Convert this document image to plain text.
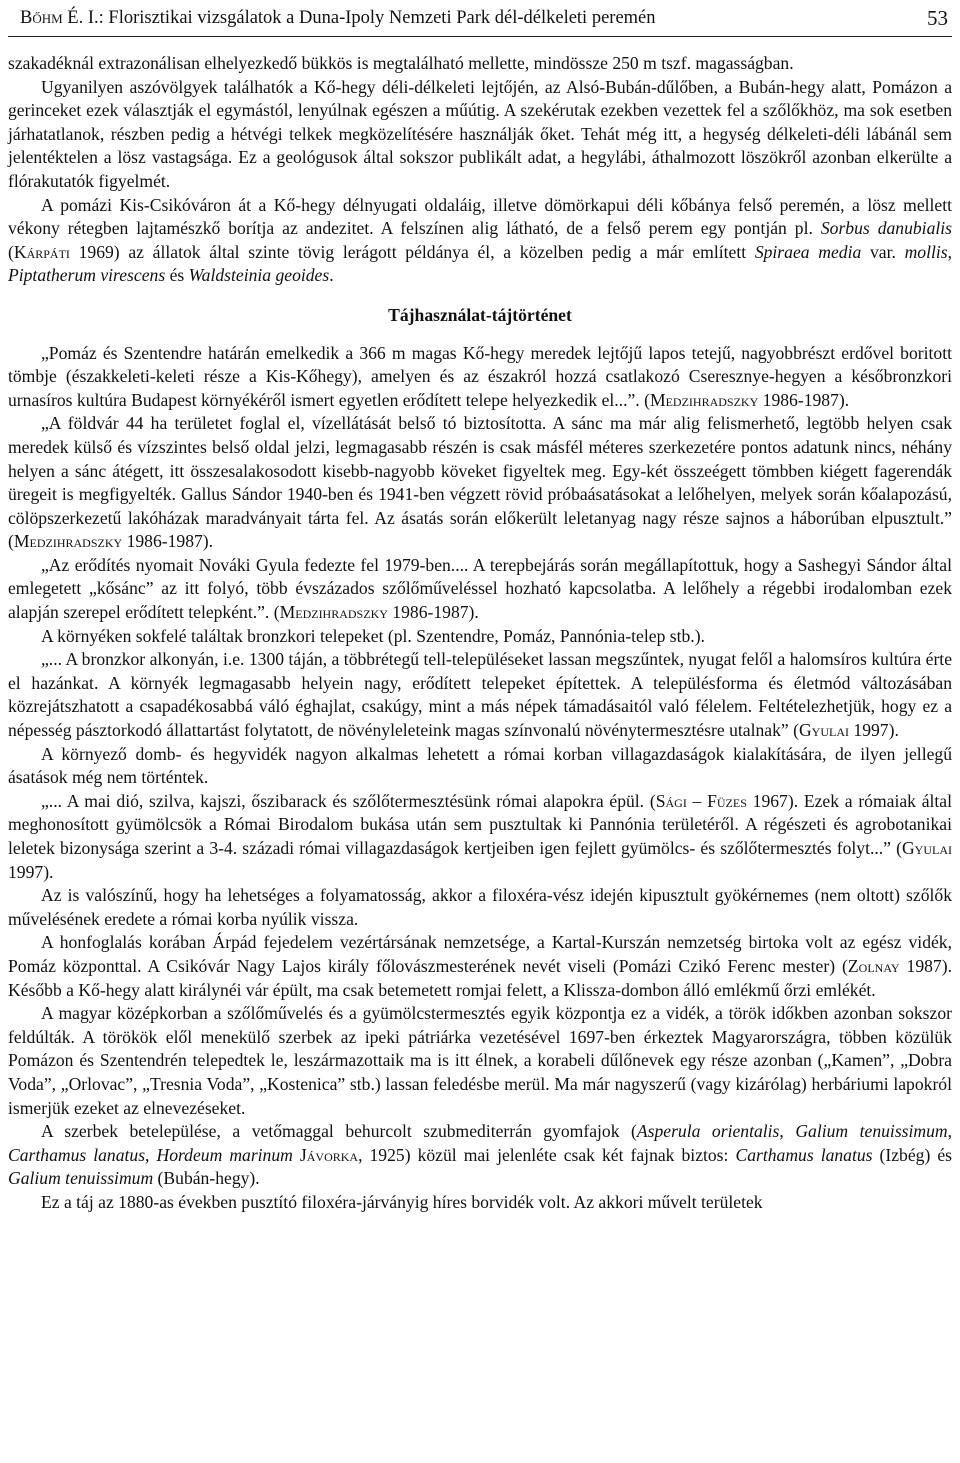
Bőhm É. I.: Florisztikai vizsgálatok a Duna-Ipoly Nemzeti Park dél-délkeleti peremén	53

szakadéknál extrazonálisan elhelyezkedő bükkös is megtalálható mellette, mindössze 250 m tszf. magasságban.

Ugyanilyen aszóvölgyek találhatók a Kő-hegy déli-délkeleti lejtőjén, az Alsó-Bubán-dűlőben, a Bubán-hegy alatt, Pomázon a gerinceket ezek választják el egymástól, lenyúlnak egészen a műútig. A szekérutak ezekben vezettek fel a szőlőkhöz, ma sok esetben járhatatlanok, részben pedig a hétvégi telkek megközelítésére használják őket. Tehát még itt, a hegység délkeleti-déli lábánál sem jelentéktelen a lösz vastagsága. Ez a geológusok által sokszor publikált adat, a hegylábi, áthalmozott löszökről azonban elkerülte a flórakutatók figyelmét.

A pomázi Kis-Csikóváron át a Kő-hegy délnyugati oldaláig, illetve dömörkapui déli kőbánya felső peremén, a lösz mellett vékony rétegben lajtamészkő borítja az andezitet. A felszínen alig látható, de a felső perem egy pontján pl. Sorbus danubialis (Kárpáti 1969) az állatok által szinte tövig lerágott példánya él, a közelben pedig a már említett Spiraea media var. mollis, Piptatherum virescens és Waldsteinia geoides.

Tájhasználat-tájtörténet

„Pomáz és Szentendre határán emelkedik a 366 m magas Kő-hegy meredek lejtőjű lapos tetejű, nagyobbrészt erdővel boritott tömbje (északkeleti-keleti része a Kis-Kőhegy), amelyen és az északról hozzá csatlakozó Cseresznye-hegyen a későbronzkori urnasíros kultúra Budapest környékéről ismert egyetlen erődített telepe helyezkedik el...”. (Medzihradszky 1986-1987).

„A földvár 44 ha területet foglal el, vízellátását belső tó biztosította. A sánc ma már alig felismerhető, legtöbb helyen csak meredek külső és vízszintes belső oldal jelzi, legmagasabb részén is csak másfél méteres szerkezetére pontos adatunk nincs, néhány helyen a sánc átégett, itt összesalakosodott kisebb-nagyobb köveket figyeltek meg. Egy-két összeégett tömbben kiégett fagerendák üregeit is megfigyelték. Gallus Sándor 1940-ben és 1941-ben végzett rövid próbaásatásokat a lelőhelyen, melyek során kőalapozású, cölöpszerkezetű lakóházak maradványait tárta fel. Az ásatás során előkerült leletanyag nagy része sajnos a háborúban elpusztult.” (Medzihradszky 1986-1987).

„Az erődítés nyomait Nováki Gyula fedezte fel 1979-ben.... A terepbejárás során megállapítottuk, hogy a Sashegyi Sándor által emlegetett „kősánc” az itt folyó, több évszázados szőlőműveléssel hozható kapcsolatba. A lelőhely a régebbi irodalomban ezek alapján szerepel erődített telepként.”. (Medzihradszky 1986-1987).

A környéken sokfelé találtak bronzkori telepeket (pl. Szentendre, Pomáz, Pannónia-telep stb.).

„... A bronzkor alkonyán, i.e. 1300 táján, a többrétegű tell-településeket lassan megszűntek, nyugat felől a halomsíros kultúra érte el hazánkat. A környék legmagasabb helyein nagy, erődített telepeket építettek. A településforma és életmód változásában közrejátszhatott a csapadékosabbá váló éghajlat, csakúgy, mint a más népek támadásaitól való félelem. Feltételezhetjük, hogy ez a népesség pásztorkodó állattartást folytatott, de növényleleteink magas színvonalú növénytermesztésre utalnak” (Gyulai 1997).

A környező domb- és hegyvidék nagyon alkalmas lehetett a római korban villagazdaságok kialakítására, de ilyen jellegű ásatások még nem történtek.

„... A mai dió, szilva, kajszi, őszibarack és szőlőtermesztésünk római alapokra épül. (Sági – Füzes 1967). Ezek a rómaiak által meghonosított gyümölcsök a Római Birodalom bukása után sem pusztultak ki Pannónia területéről. A régészeti és agrobotanikai leletek bizonysága szerint a 3-4. századi római villagazdaságok kertjeiben igen fejlett gyümölcs- és szőlőtermesztés folyt...” (Gyulai 1997).

Az is valószínű, hogy ha lehetséges a folyamatosság, akkor a filoxéra-vész idején kipusztult gyökérnemes (nem oltott) szőlők művelésének eredete a római korba nyúlik vissza.

A honfoglalás korában Árpád fejedelem vezértársának nemzetsége, a Kartal-Kurszán nemzetség birtoka volt az egész vidék, Pomáz központtal. A Csikóvár Nagy Lajos király főlovászmesterének nevét viseli (Pomázi Czikó Ferenc mester) (Zolnay 1987). Később a Kő-hegy alatt királynéi vár épült, ma csak betemetett romjai felett, a Klissza-dombon álló emlékmű őrzi emlékét.

A magyar középkorban a szőlőművelés és a gyümölcstermesztés egyik központja ez a vidék, a török időkben azonban sokszor feldúlták. A törökök elől menekülő szerbek az ipeki pátriárka vezetésével 1697-ben érkeztek Magyarországra, többen közülük Pomázon és Szentendrén telepedtek le, leszármazottaik ma is itt élnek, a korabeli dűlőnevek egy része azonban („Kamen”, „Dobra Voda”, „Orlovac”, „Tresnia Voda”, „Kostenica” stb.) lassan feledésbe merül. Ma már nagyszerű (vagy kizárólag) herbáriumi lapokról ismerjük ezeket az elnevezéseket.

A szerbek betelepülése, a vetőmaggal behurcolt szubmediterrán gyomfajok (Asperula orientalis, Galium tenuissimum, Carthamus lanatus, Hordeum marinum Jávorka, 1925) közül mai jelenléte csak két fajnak biztos: Carthamus lanatus (Izbég) és Galium tenuissimum (Bubán-hegy).

Ez a táj az 1880-as években pusztító filoxéra-járványig híres borvidék volt. Az akkori művelt területek
